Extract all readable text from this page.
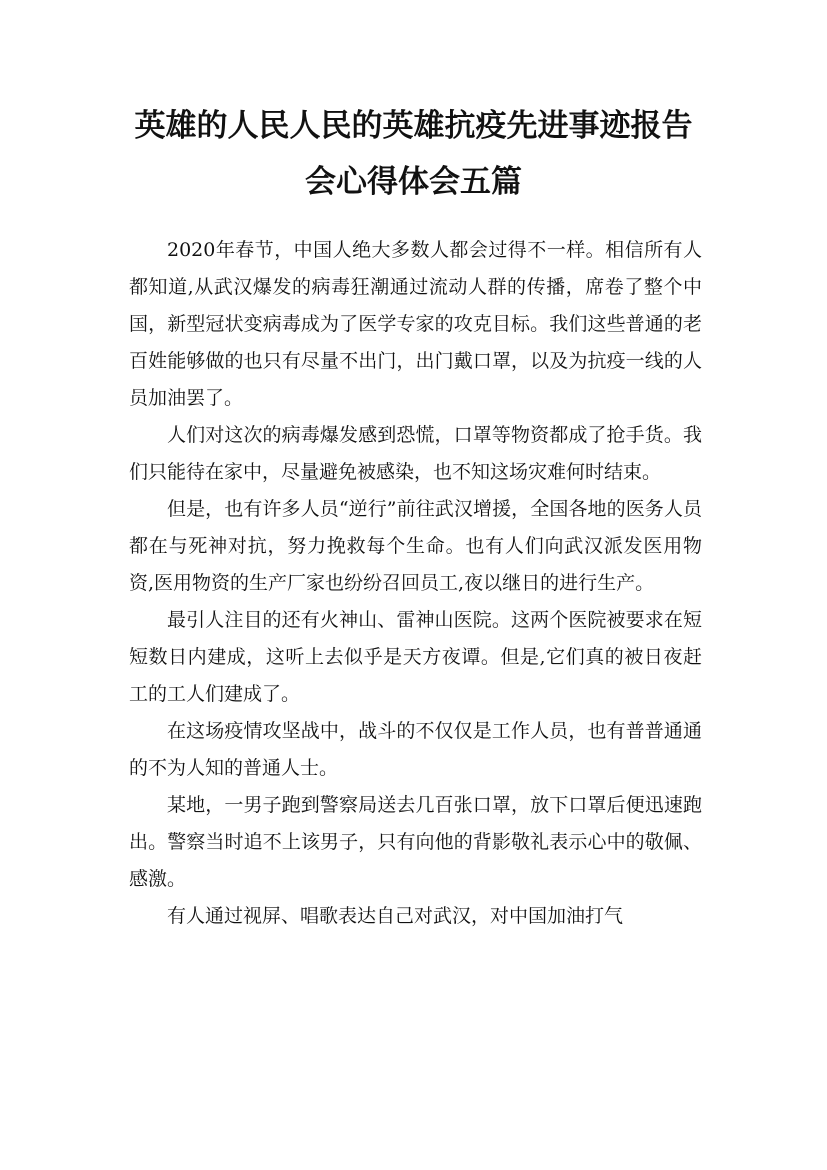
英雄的人民人民的英雄抗疫先进事迹报告
会心得体会五篇

2020年春节，中国人绝大多数人都会过得不一样。相信所有人都知道,从武汉爆发的病毒狂潮通过流动人群的传播，席卷了整个中国，新型冠状变病毒成为了医学专家的攻克目标。我们这些普通的老百姓能够做的也只有尽量不出门，出门戴口罩，以及为抗疫一线的人员加油罢了。

人们对这次的病毒爆发感到恐慌，口罩等物资都成了抢手货。我们只能待在家中，尽量避免被感染，也不知这场灾难何时结束。

但是，也有许多人员“逆行”前往武汉增援，全国各地的医务人员都在与死神对抗，努力挽救每个生命。也有人们向武汉派发医用物资,医用物资的生产厂家也纷纷召回员工,夜以继日的进行生产。

最引人注目的还有火神山、雷神山医院。这两个医院被要求在短短数日内建成，这听上去似乎是天方夜谭。但是,它们真的被日夜赶工的工人们建成了。

在这场疫情攻坚战中，战斗的不仅仅是工作人员，也有普普通通的不为人知的普通人士。

某地，一男子跑到警察局送去几百张口罩，放下口罩后便迅速跑出。警察当时追不上该男子，只有向他的背影敬礼表示心中的敬佩、感激。

有人通过视屏、唱歌表达自己对武汉，对中国加油打气
